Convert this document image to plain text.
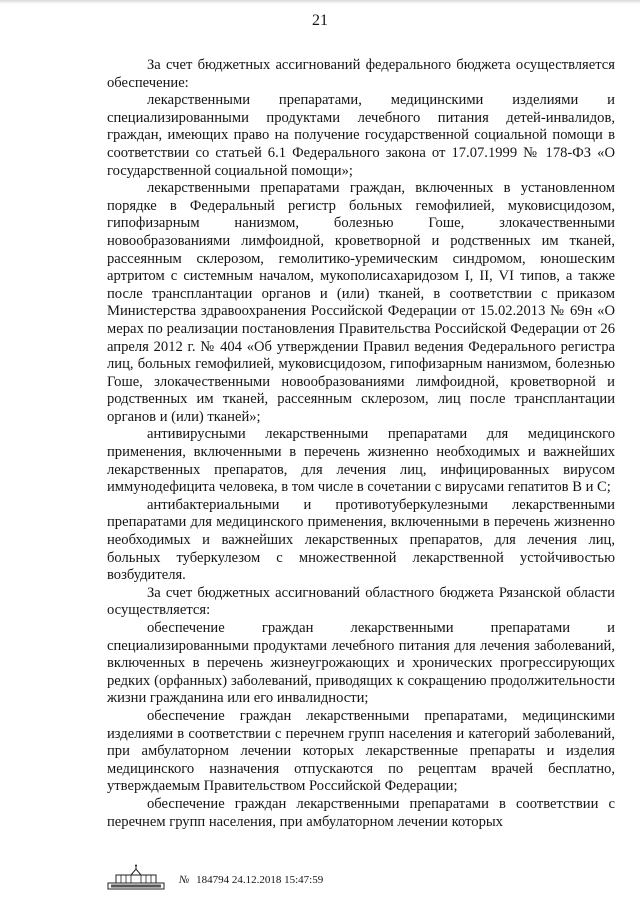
21

За счет бюджетных ассигнований федерального бюджета осуществляется обеспечение:

лекарственными препаратами, медицинскими изделиями и специализированными продуктами лечебного питания детей-инвалидов, граждан, имеющих право на получение государственной социальной помощи в соответствии со статьей 6.1 Федерального закона от 17.07.1999 № 178-ФЗ «О государственной социальной помощи»;

лекарственными препаратами граждан, включенных в установленном порядке в Федеральный регистр больных гемофилией, муковисцидозом, гипофизарным нанизмом, болезнью Гоше, злокачественными новообразованиями лимфоидной, кроветворной и родственных им тканей, рассеянным склерозом, гемолитико-уремическим синдромом, юношеским артритом с системным началом, мукополисахаридозом I, II, VI типов, а также после трансплантации органов и (или) тканей, в соответствии с приказом Министерства здравоохранения Российской Федерации от 15.02.2013 № 69н «О мерах по реализации постановления Правительства Российской Федерации от 26 апреля 2012 г. № 404 «Об утверждении Правил ведения Федерального регистра лиц, больных гемофилией, муковисцидозом, гипофизарным нанизмом, болезнью Гоше, злокачественными новообразованиями лимфоидной, кроветворной и родственных им тканей, рассеянным склерозом, лиц после трансплантации органов и (или) тканей»;

антивирусными лекарственными препаратами для медицинского применения, включенными в перечень жизненно необходимых и важнейших лекарственных препаратов, для лечения лиц, инфицированных вирусом иммунодефицита человека, в том числе в сочетании с вирусами гепатитов B и C;

антибактериальными и противотуберкулезными лекарственными препаратами для медицинского применения, включенными в перечень жизненно необходимых и важнейших лекарственных препаратов, для лечения лиц, больных туберкулезом с множественной лекарственной устойчивостью возбудителя.

За счет бюджетных ассигнований областного бюджета Рязанской области осуществляется:

обеспечение граждан лекарственными препаратами и специализированными продуктами лечебного питания для лечения заболеваний, включенных в перечень жизнеугрожающих и хронических прогрессирующих редких (орфанных) заболеваний, приводящих к сокращению продолжительности жизни гражданина или его инвалидности;

обеспечение граждан лекарственными препаратами, медицинскими изделиями в соответствии с перечнем групп населения и категорий заболеваний, при амбулаторном лечении которых лекарственные препараты и изделия медицинского назначения отпускаются по рецептам врачей бесплатно, утверждаемым Правительством Российской Федерации;

обеспечение граждан лекарственными препаратами в соответствии с перечнем групп населения, при амбулаторном лечении которых

№ 184794 24.12.2018 15:47:59
